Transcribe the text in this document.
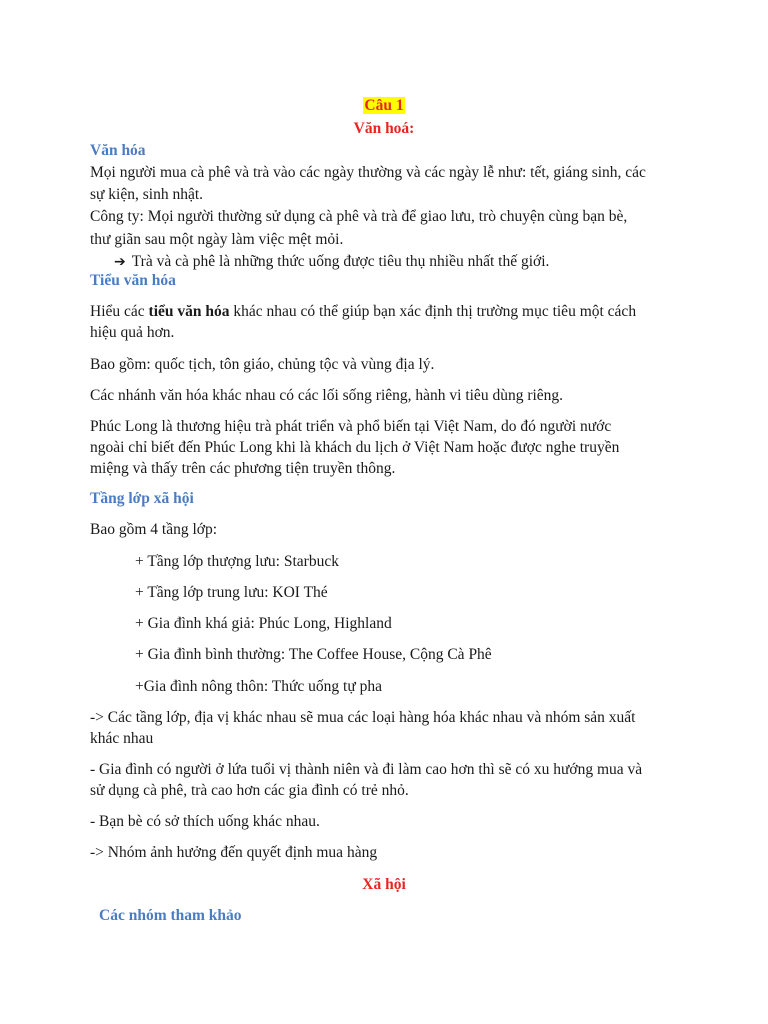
Câu 1
Văn hoá:
Văn hóa
Mọi người mua cà phê và trà vào các ngày thường và các ngày lễ như: tết, giáng sinh, các
sự kiện, sinh nhật.
Công ty: Mọi người thường sử dụng cà phê và trà để giao lưu, trò chuyện cùng bạn bè,
thư giãn sau một ngày làm việc mệt mỏi.
➔ Trà và cà phê là những thức uống được tiêu thụ nhiều nhất thế giới.
Tiểu văn hóa
Hiểu các tiểu văn hóa khác nhau có thể giúp bạn xác định thị trường mục tiêu một cách
hiệu quả hơn.
Bao gồm: quốc tịch, tôn giáo, chủng tộc và vùng địa lý.
Các nhánh văn hóa khác nhau có các lối sống riêng, hành vi tiêu dùng riêng.
Phúc Long là thương hiệu trà phát triển và phổ biến tại Việt Nam, do đó người nước
ngoài chỉ biết đến Phúc Long khi là khách du lịch ở Việt Nam hoặc được nghe truyền
miệng và thấy trên các phương tiện truyền thông.
Tầng lớp xã hội
Bao gồm 4 tầng lớp:
+ Tầng lớp thượng lưu: Starbuck
+ Tầng lớp trung lưu: KOI Thé
+ Gia đình khá giả: Phúc Long, Highland
+ Gia đình bình thường: The Coffee House, Cộng Cà Phê
+Gia đình nông thôn: Thức uống tự pha
-> Các tầng lớp, địa vị khác nhau sẽ mua các loại hàng hóa khác nhau và nhóm sản xuất
khác nhau
- Gia đình có người ở lứa tuổi vị thành niên và đi làm cao hơn thì sẽ có xu hướng mua và
sử dụng cà phê, trà cao hơn các gia đình có trẻ nhỏ.
- Bạn bè có sở thích uống khác nhau.
-> Nhóm ảnh hưởng đến quyết định mua hàng
Xã hội
Các nhóm tham khảo
